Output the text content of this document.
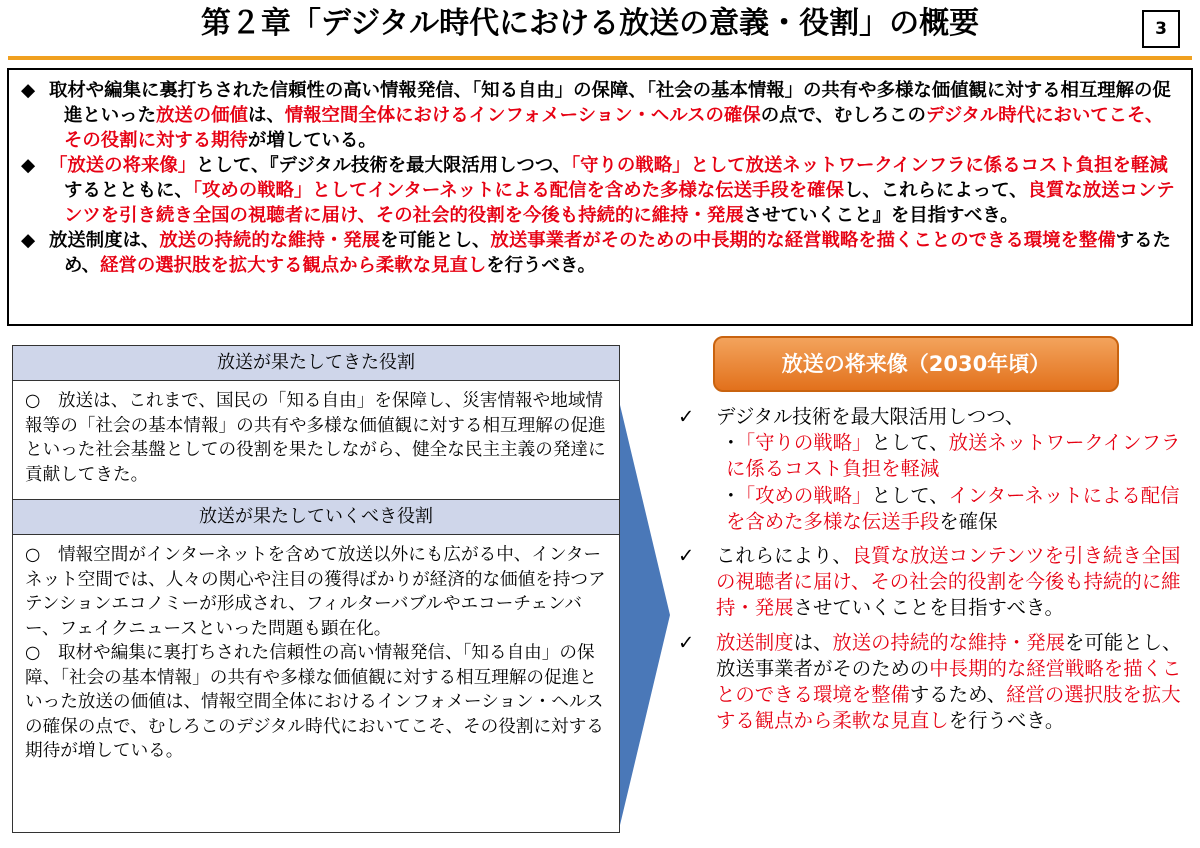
第２章「デジタル時代における放送の意義・役割」の概要	3
◆ 取材や編集に裏打ちされた信頼性の高い情報発信、「知る自由」の保障、「社会の基本情報」の共有や多様な価値観に対する相互理解の促進といった放送の価値は、情報空間全体におけるインフォメーション・ヘルスの確保の点で、むしろこのデジタル時代においてこそ、その役割に対する期待が増している。
◆ 「放送の将来像」として、『デジタル技術を最大限活用しつつ、「守りの戦略」として放送ネットワークインフラに係るコスト負担を軽減するとともに、「攻めの戦略」としてインターネットによる配信を含めた多様な伝送手段を確保し、これらによって、良質な放送コンテンツを引き続き全国の視聴者に届け、その社会的役割を今後も持続的に維持・発展させていくこと』を目指すべき。
◆ 放送制度は、放送の持続的な維持・発展を可能とし、放送事業者がそのための中長期的な経営戦略を描くことのできる環境を整備するため、経営の選択肢を拡大する観点から柔軟な見直しを行うべき。
放送が果たしてきた役割
○　放送は、これまで、国民の「知る自由」を保障し、災害情報や地域情報等の「社会の基本情報」の共有や多様な価値観に対する相互理解の促進といった社会基盤としての役割を果たしながら、健全な民主主義の発達に貢献してきた。
放送が果たしていくべき役割
○　情報空間がインターネットを含めて放送以外にも広がる中、インターネット空間では、人々の関心や注目の獲得ばかりが経済的な価値を持つアテンションエコノミーが形成され、フィルターバブルやエコーチェンバー、フェイクニュースといった問題も顕在化。
○　取材や編集に裏打ちされた信頼性の高い情報発信、「知る自由」の保障、「社会の基本情報」の共有や多様な価値観に対する相互理解の促進といった放送の価値は、情報空間全体におけるインフォメーション・ヘルスの確保の点で、むしろこのデジタル時代においてこそ、その役割に対する期待が増している。
放送の将来像（2030年頃）
✓ デジタル技術を最大限活用しつつ、
･「守りの戦略」として、放送ネットワークインフラに係るコスト負担を軽減
･「攻めの戦略」として、インターネットによる配信を含めた多様な伝送手段を確保
✓ これらにより、良質な放送コンテンツを引き続き全国の視聴者に届け、その社会的役割を今後も持続的に維持・発展させていくことを目指すべき。
✓ 放送制度は、放送の持続的な維持・発展を可能とし、放送事業者がそのための中長期的な経営戦略を描くことのできる環境を整備するため、経営の選択肢を拡大する観点から柔軟な見直しを行うべき。
